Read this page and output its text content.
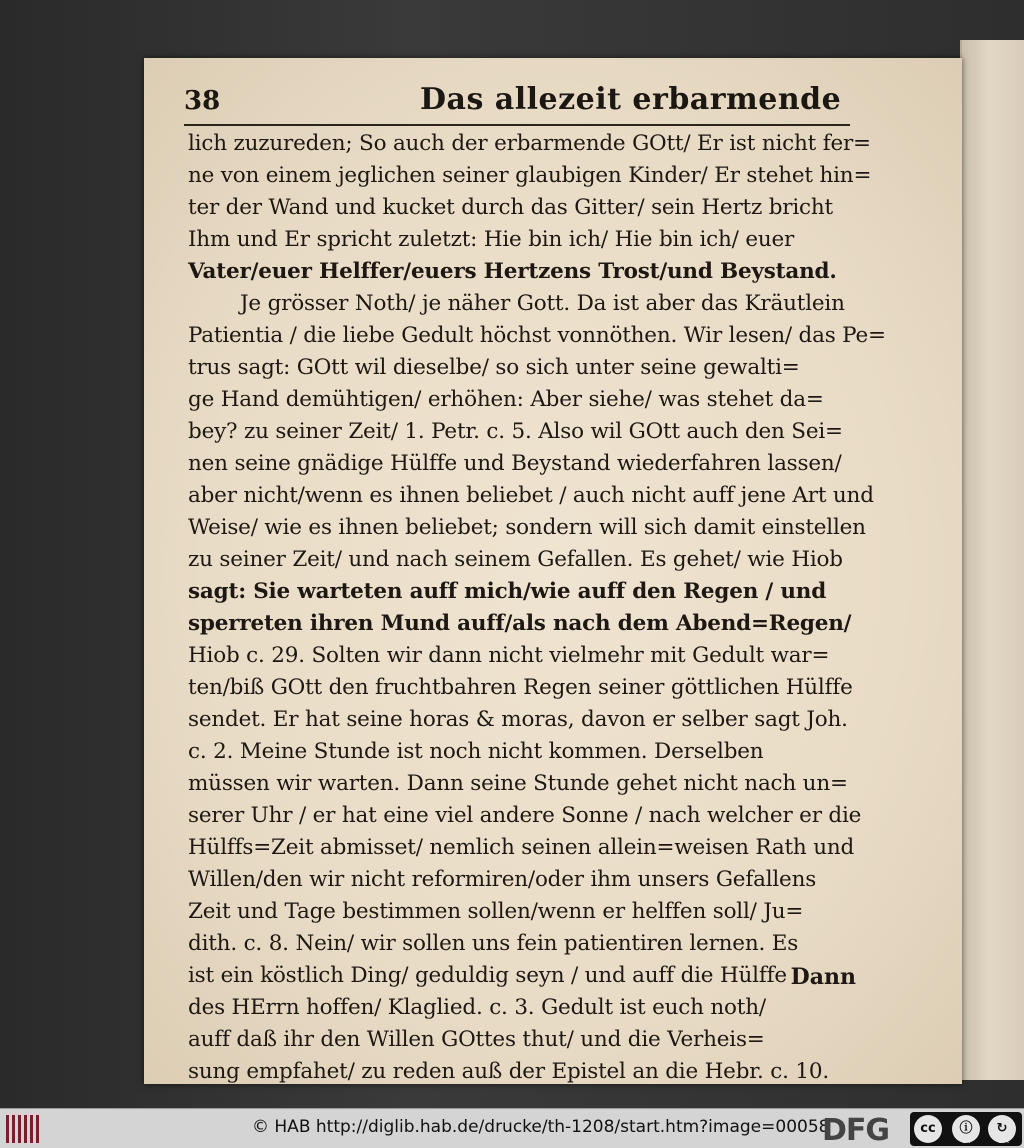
38	Das allezeit erbarmende
lich zuzureden; So auch der erbarmende GOtt/ Er ist nicht fer=
ne von einem jeglichen seiner glaubigen Kinder/ Er stehet hin=
ter der Wand und kucket durch das Gitter/ sein Hertz bricht
Ihm und Er spricht zuletzt: Hie bin ich/ Hie bin ich/ euer
Vater/euer Helffer/euers Hertzens Trost/und Beystand.
Je grösser Noth/ je näher Gott. Da ist aber das Kräutlein
Patientia / die liebe Gedult höchst vonnöthen. Wir lesen/ das Pe=
trus sagt: GOtt wil dieselbe/ so sich unter seine gewalti=
ge Hand demühtigen/ erhöhen: Aber siehe/ was stehet da=
bey? zu seiner Zeit/ 1. Petr. c. 5. Also wil GOtt auch den Sei=
nen seine gnädige Hülffe und Beystand wiederfahren lassen/
aber nicht/wenn es ihnen beliebet / auch nicht auff jene Art und
Weise/ wie es ihnen beliebet; sondern will sich damit einstellen
zu seiner Zeit/ und nach seinem Gefallen. Es gehet/ wie Hiob
sagt: Sie warteten auff mich/wie auff den Regen / und
sperreten ihren Mund auff/als nach dem Abend=Regen/
Hiob c. 29. Solten wir dann nicht vielmehr mit Gedult war=
ten/biß GOtt den fruchtbahren Regen seiner göttlichen Hülffe
sendet. Er hat seine horas & moras, davon er selber sagt Joh.
c. 2. Meine Stunde ist noch nicht kommen. Derselben
müssen wir warten. Dann seine Stunde gehet nicht nach un=
serer Uhr / er hat eine viel andere Sonne / nach welcher er die
Hülffs=Zeit abmisset/ nemlich seinen allein=weisen Rath und
Willen/den wir nicht reformiren/oder ihm unsers Gefallens
Zeit und Tage bestimmen sollen/wenn er helffen soll/ Ju=
dith. c. 8. Nein/ wir sollen uns fein patientiren lernen. Es
ist ein köstlich Ding/ geduldig seyn / und auff die Hülffe
des HErrn hoffen/ Klaglied. c. 3. Gedult ist euch noth/
auff daß ihr den Willen GOttes thut/ und die Verheis=
sung empfahet/ zu reden auß der Epistel an die Hebr. c. 10.
Dann
© HAB http://diglib.hab.de/drucke/th-1208/start.htm?image=00058
DFG	cc	ⓘ	↻
BY	SA
